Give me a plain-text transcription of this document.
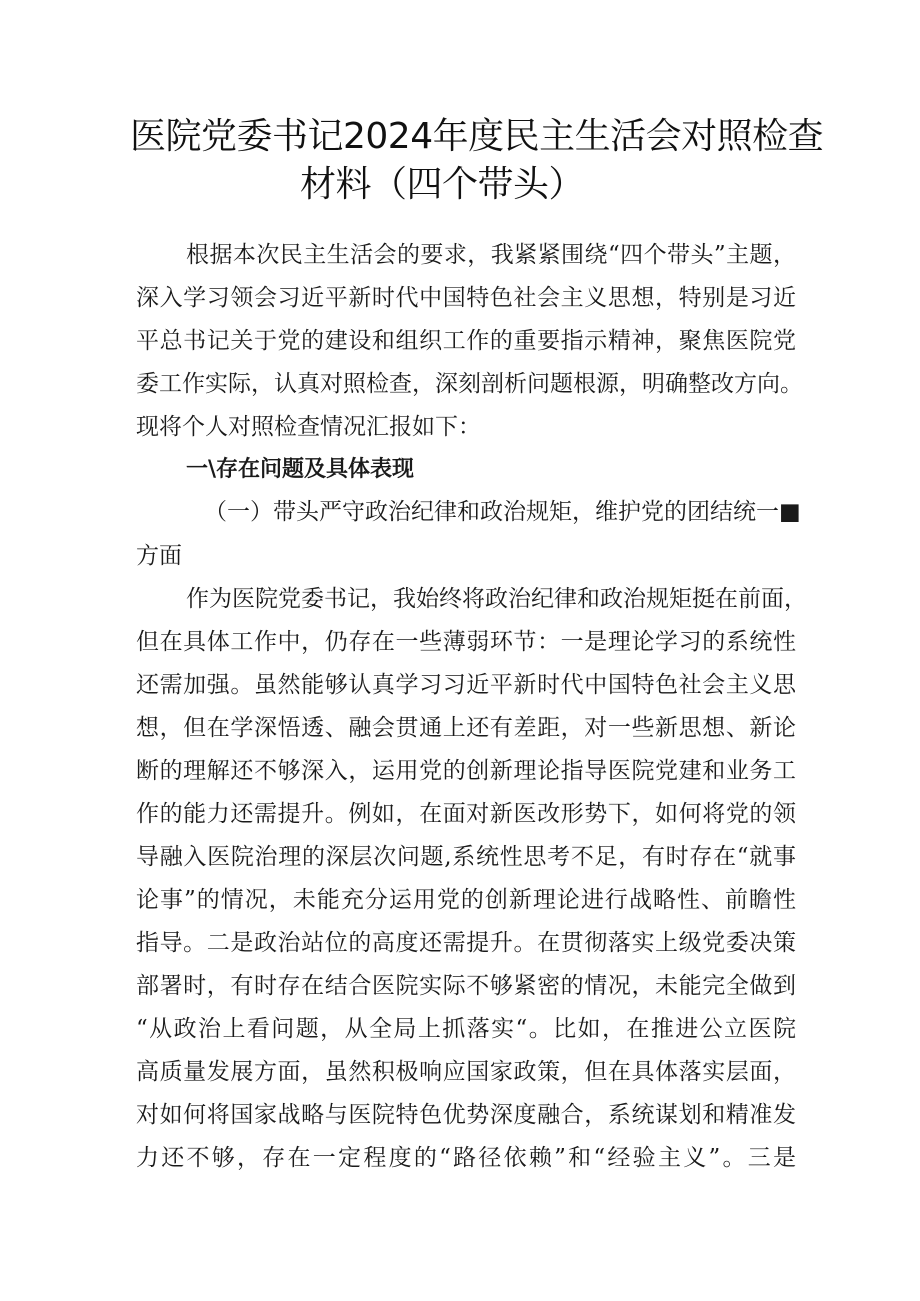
医院党委书记2024年度民主生活会对照检查
材料（四个带头）
根据本次民主生活会的要求，我紧紧围绕“四个带头”主题，
深入学习领会习近平新时代中国特色社会主义思想，特别是习近
平总书记关于党的建设和组织工作的重要指示精神，聚焦医院党
委工作实际，认真对照检查，深刻剖析问题根源，明确整改方向。
现将个人对照检查情况汇报如下：
一\存在问题及具体表现
（一）带头严守政治纪律和政治规矩，维护党的团结统一■
方面
作为医院党委书记，我始终将政治纪律和政治规矩挺在前面，
但在具体工作中，仍存在一些薄弱环节：一是理论学习的系统性
还需加强。虽然能够认真学习习近平新时代中国特色社会主义思
想，但在学深悟透、融会贯通上还有差距，对一些新思想、新论
断的理解还不够深入，运用党的创新理论指导医院党建和业务工
作的能力还需提升。例如，在面对新医改形势下，如何将党的领
导融入医院治理的深层次问题,系统性思考不足，有时存在“就事
论事”的情况，未能充分运用党的创新理论进行战略性、前瞻性
指导。二是政治站位的高度还需提升。在贯彻落实上级党委决策
部署时，有时存在结合医院实际不够紧密的情况，未能完全做到
“从政治上看问题，从全局上抓落实“。比如，在推进公立医院
高质量发展方面，虽然积极响应国家政策，但在具体落实层面，
对如何将国家战略与医院特色优势深度融合，系统谋划和精准发
力还不够，存在一定程度的“路径依赖”和“经验主义”。三是
